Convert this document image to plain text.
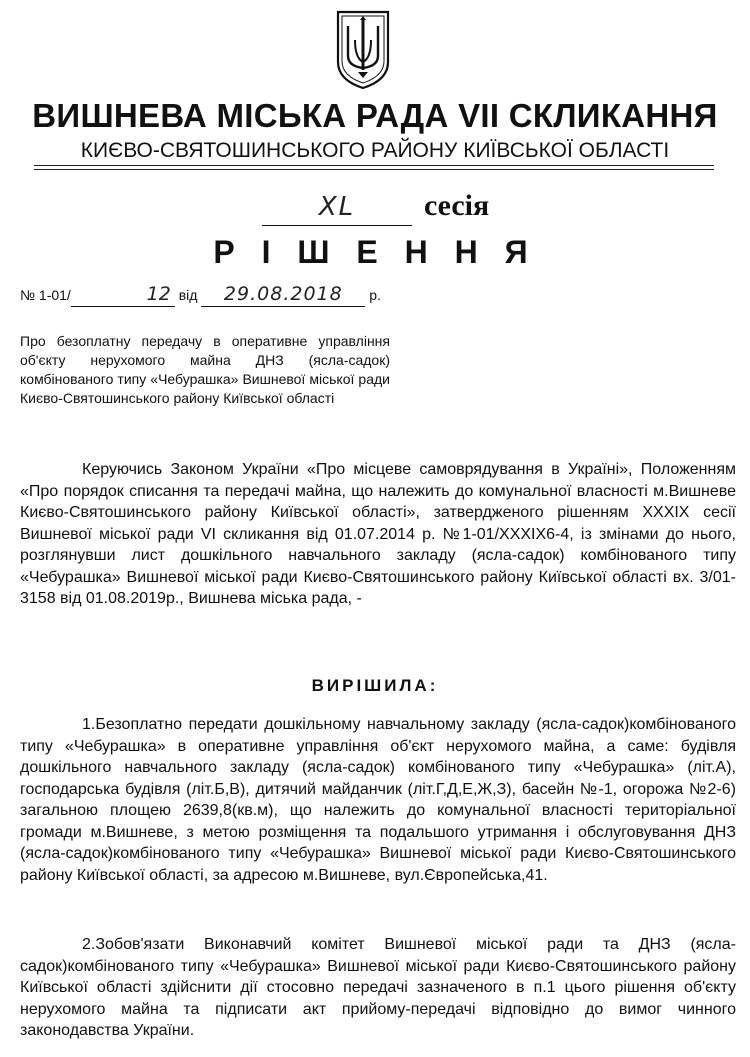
ВИШНЕВА МІСЬКА РАДА VII СКЛИКАННЯ
КИЄВО-СВЯТОШИНСЬКОГО РАЙОНУ КИЇВСЬКОЇ ОБЛАСТІ
XL сесія
Р І Ш Е Н Н Я
№ 1-01/	12 від 29.08.2018 р.
Про безоплатну передачу в оперативне управління об'єкту нерухомого майна ДНЗ (ясла-садок) комбінованого типу «Чебурашка» Вишневої міської ради Києво-Святошинського району Київської області
Керуючись Законом України «Про місцеве самоврядування в Україні», Положенням «Про порядок списання та передачі майна, що належить до комунальної власності м.Вишневе Києво-Святошинського району Київської області», затвердженого рішенням XXXIX сесії Вишневої міської ради VI скликання від 01.07.2014 р. №1-01/XXXIX6-4, із змінами до нього, розглянувши лист дошкільного навчального закладу (ясла-садок) комбінованого типу «Чебурашка» Вишневої міської ради Києво-Святошинського району Київської області вх. 3/01-3158 від 01.08.2019р., Вишнева міська рада, -
ВИРІШИЛА:
1.Безоплатно передати дошкільному навчальному закладу (ясла-садок)комбінованого типу «Чебурашка» в оперативне управління об'єкт нерухомого майна, а саме: будівля дошкільного навчального закладу (ясла-садок) комбінованого типу «Чебурашка» (літ.А), господарська будівля (літ.Б,В), дитячий майданчик (літ.Г,Д,Е,Ж,З), басейн №-1, огорожа №2-6) загальною площею 2639,8(кв.м), що належить до комунальної власності територіальної громади м.Вишневе, з метою розміщення та подальшого утримання і обслуговування ДНЗ (ясла-садок)комбінованого типу «Чебурашка» Вишневої міської ради Києво-Святошинського району Київської області, за адресою м.Вишневе, вул.Європейська,41.
2.Зобов'язати Виконавчий комітет Вишневої міської ради та ДНЗ (ясла-садок)комбінованого типу «Чебурашка» Вишневої міської ради Києво-Святошинського району Київської області здійснити дії стосовно передачі зазначеного в п.1 цього рішення об'єкту нерухомого майна та підписати акт прийому-передачі відповідно до вимог чинного законодавства України.
